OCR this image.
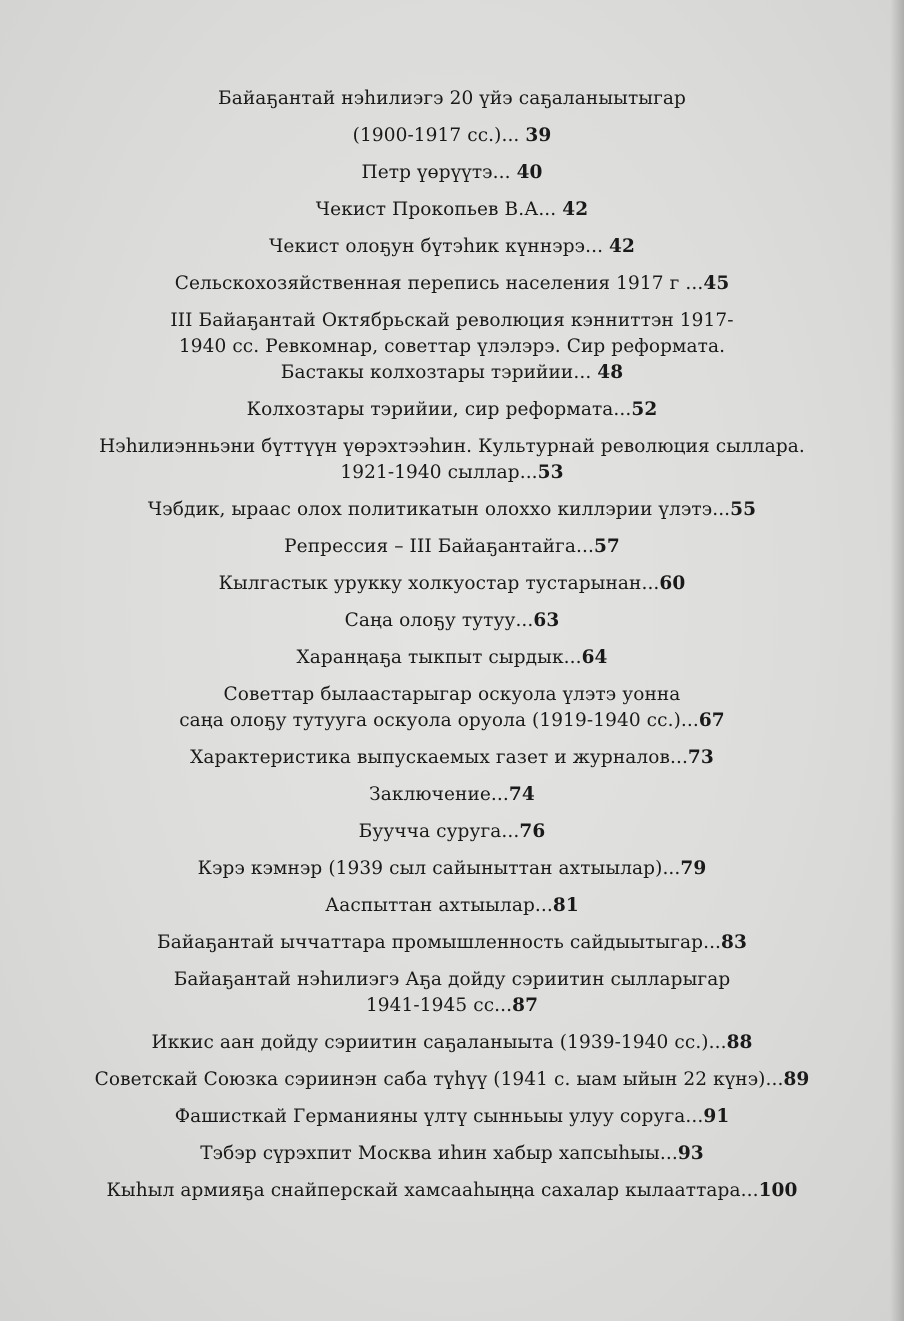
Байаҕантай нэһилиэгэ 20 үйэ саҕаланыытыгар
(1900-1917 сс.)... 39
Петр үөрүүтэ... 40
Чекист Прокопьев В.А... 42
Чекист олоҕун бүтэһик күннэрэ... 42
Сельскохозяйственная перепись населения 1917 г ...45
III Байаҕантай Октябрьскай революция кэнниттэн 1917-
1940 сс. Ревкомнар, советтар үлэлэрэ. Сир реформата.
Бастакы колхозтары тэрийии... 48
Колхозтары тэрийии, сир реформата...52
Нэһилиэнньэни бүттүүн үөрэхтээһин. Культурнай революция сыллара.
1921-1940 сыллар...53
Чэбдик, ыраас олох политикатын олоххо киллэрии үлэтэ...55
Репрессия – III Байаҕантайга...57
Кылгастык урукку холкуостар тустарынан...60
Саңа олоҕу тутуу...63
Харанңаҕа тыкпыт сырдык...64
Советтар былаастарыгар оскуола үлэтэ уонна
саңа олоҕу тутууга оскуола оруола (1919-1940 сс.)...67
Характеристика выпускаемых газет и журналов...73
Заключение...74
Буучча суруга...76
Кэрэ кэмнэр (1939 сыл сайыныттан ахтыылар)...79
Ааспыттан ахтыылар...81
Байаҕантай ыччаттара промышленность сайдыытыгар...83
Байаҕантай нэһилиэгэ Аҕа дойду сэриитин сылларыгар
1941-1945 сс...87
Иккис аан дойду сэриитин саҕаланыыта (1939-1940 сс.)...88
Советскай Союзка сэриинэн саба түһүү (1941 с. ыам ыйын 22 күнэ)...89
Фашисткай Германияны үлтү сынньыы улуу соруга...91
Тэбэр сүрэхпит Москва иһин хабыр хапсыһыы...93
Кыһыл армияҕа снайперскай хамсааһыңңа сахалар кылааттара...100
